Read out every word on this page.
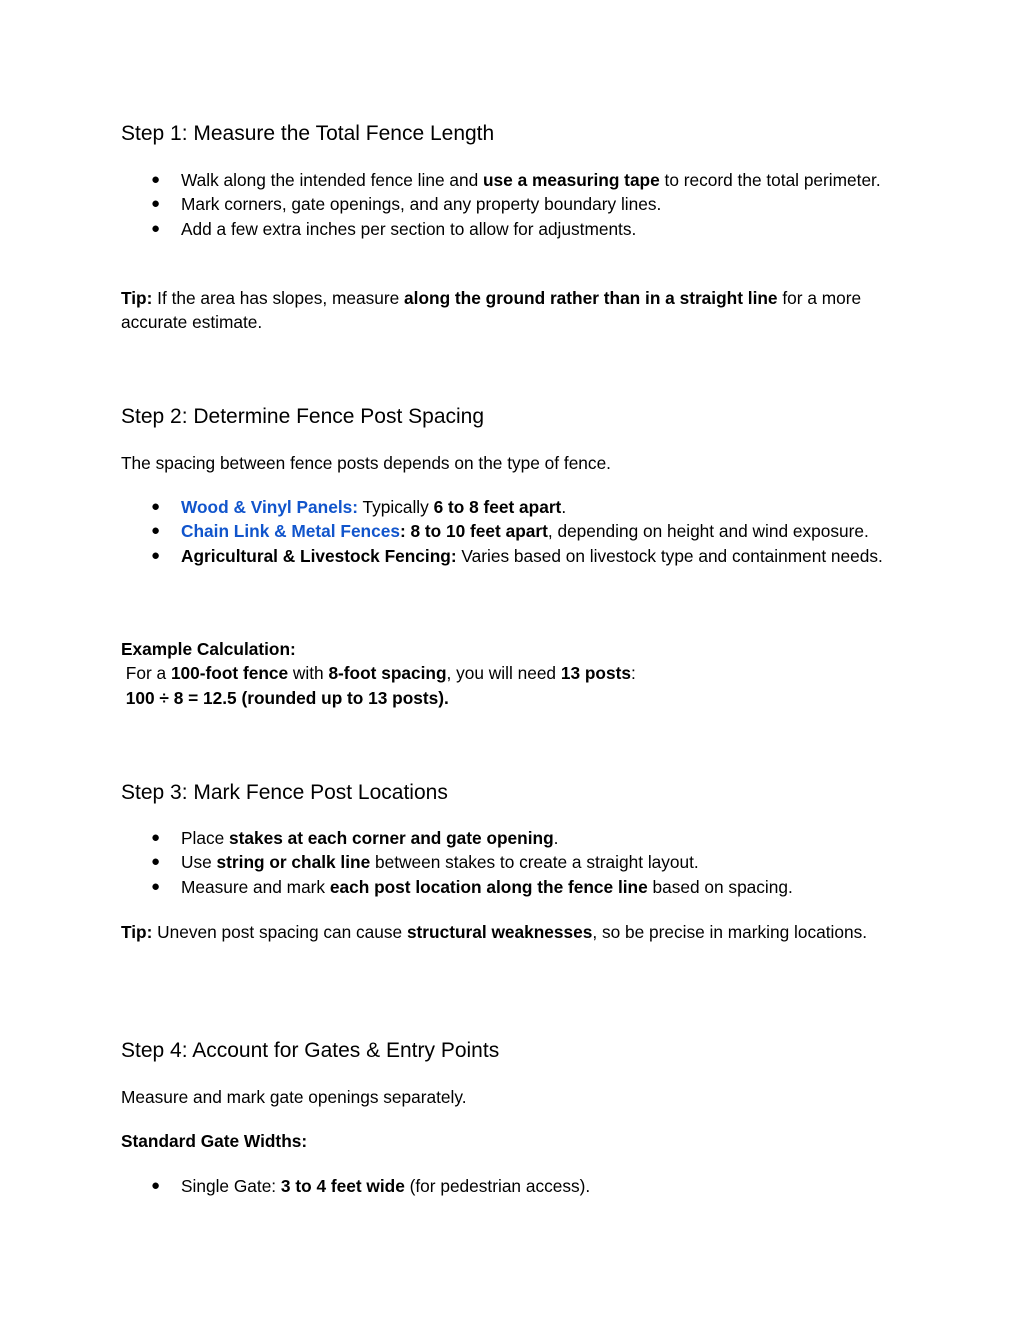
Step 1: Measure the Total Fence Length
● Walk along the intended fence line and use a measuring tape to record the total perimeter.
● Mark corners, gate openings, and any property boundary lines.
● Add a few extra inches per section to allow for adjustments.

Tip: If the area has slopes, measure along the ground rather than in a straight line for a more accurate estimate.

Step 2: Determine Fence Post Spacing

The spacing between fence posts depends on the type of fence.

● Wood & Vinyl Panels: Typically 6 to 8 feet apart.
● Chain Link & Metal Fences: 8 to 10 feet apart, depending on height and wind exposure.
● Agricultural & Livestock Fencing: Varies based on livestock type and containment needs.
Example Calculation:
For a 100-foot fence with 8-foot spacing, you will need 13 posts:
100 ÷ 8 = 12.5 (rounded up to 13 posts).
Step 3: Mark Fence Post Locations
● Place stakes at each corner and gate opening.
● Use string or chalk line between stakes to create a straight layout.
● Measure and mark each post location along the fence line based on spacing.

Tip: Uneven post spacing can cause structural weaknesses, so be precise in marking locations.

Step 4: Account for Gates & Entry Points

Measure and mark gate openings separately.

Standard Gate Widths:

● Single Gate: 3 to 4 feet wide (for pedestrian access).
